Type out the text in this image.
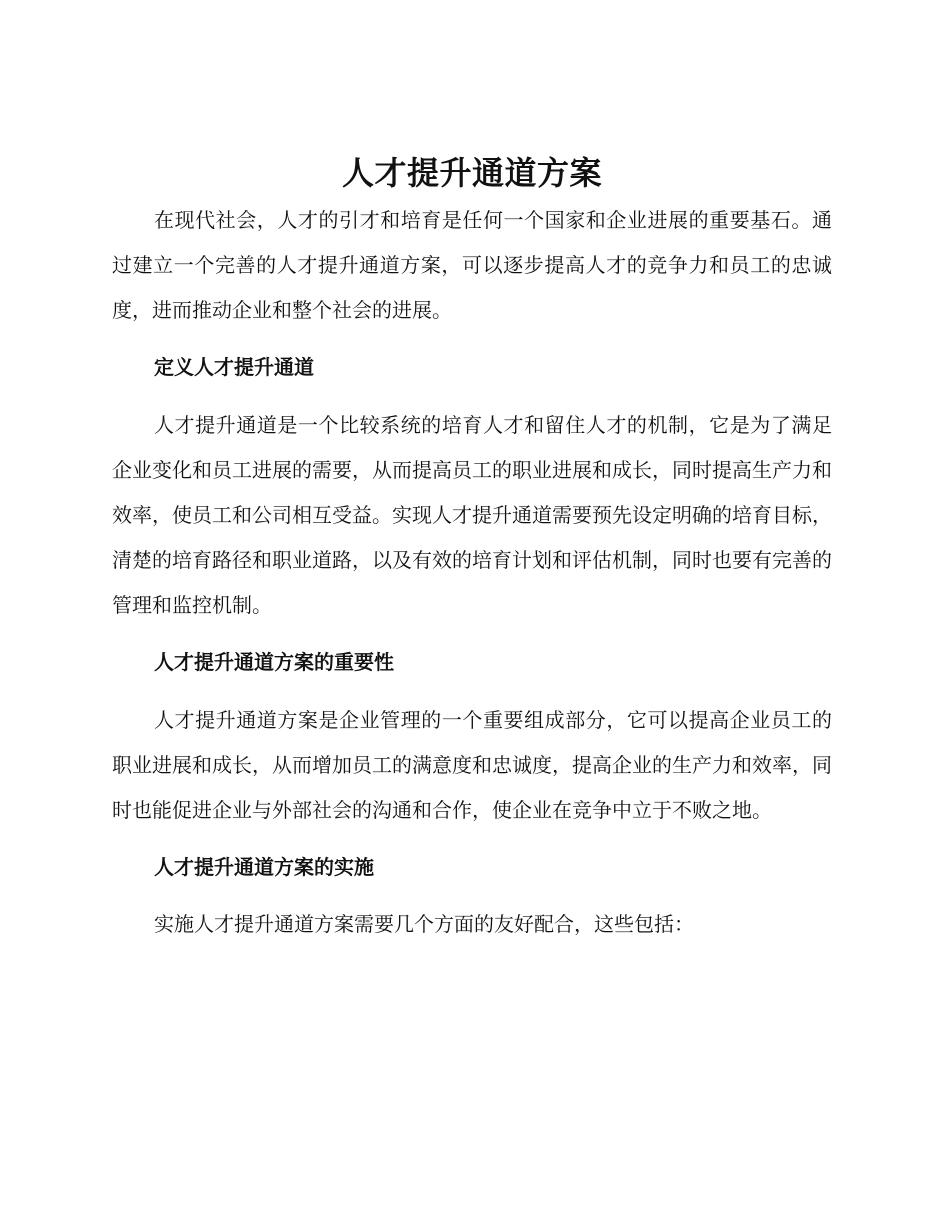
人才提升通道方案

在现代社会，人才的引才和培育是任何一个国家和企业进展的重要基石。通过建立一个完善的人才提升通道方案，可以逐步提高人才的竞争力和员工的忠诚度，进而推动企业和整个社会的进展。

定义人才提升通道

人才提升通道是一个比较系统的培育人才和留住人才的机制，它是为了满足企业变化和员工进展的需要，从而提高员工的职业进展和成长，同时提高生产力和效率，使员工和公司相互受益。实现人才提升通道需要预先设定明确的培育目标，清楚的培育路径和职业道路，以及有效的培育计划和评估机制，同时也要有完善的管理和监控机制。

人才提升通道方案的重要性

人才提升通道方案是企业管理的一个重要组成部分，它可以提高企业员工的职业进展和成长，从而增加员工的满意度和忠诚度，提高企业的生产力和效率，同时也能促进企业与外部社会的沟通和合作，使企业在竞争中立于不败之地。

人才提升通道方案的实施

实施人才提升通道方案需要几个方面的友好配合，这些包括：
